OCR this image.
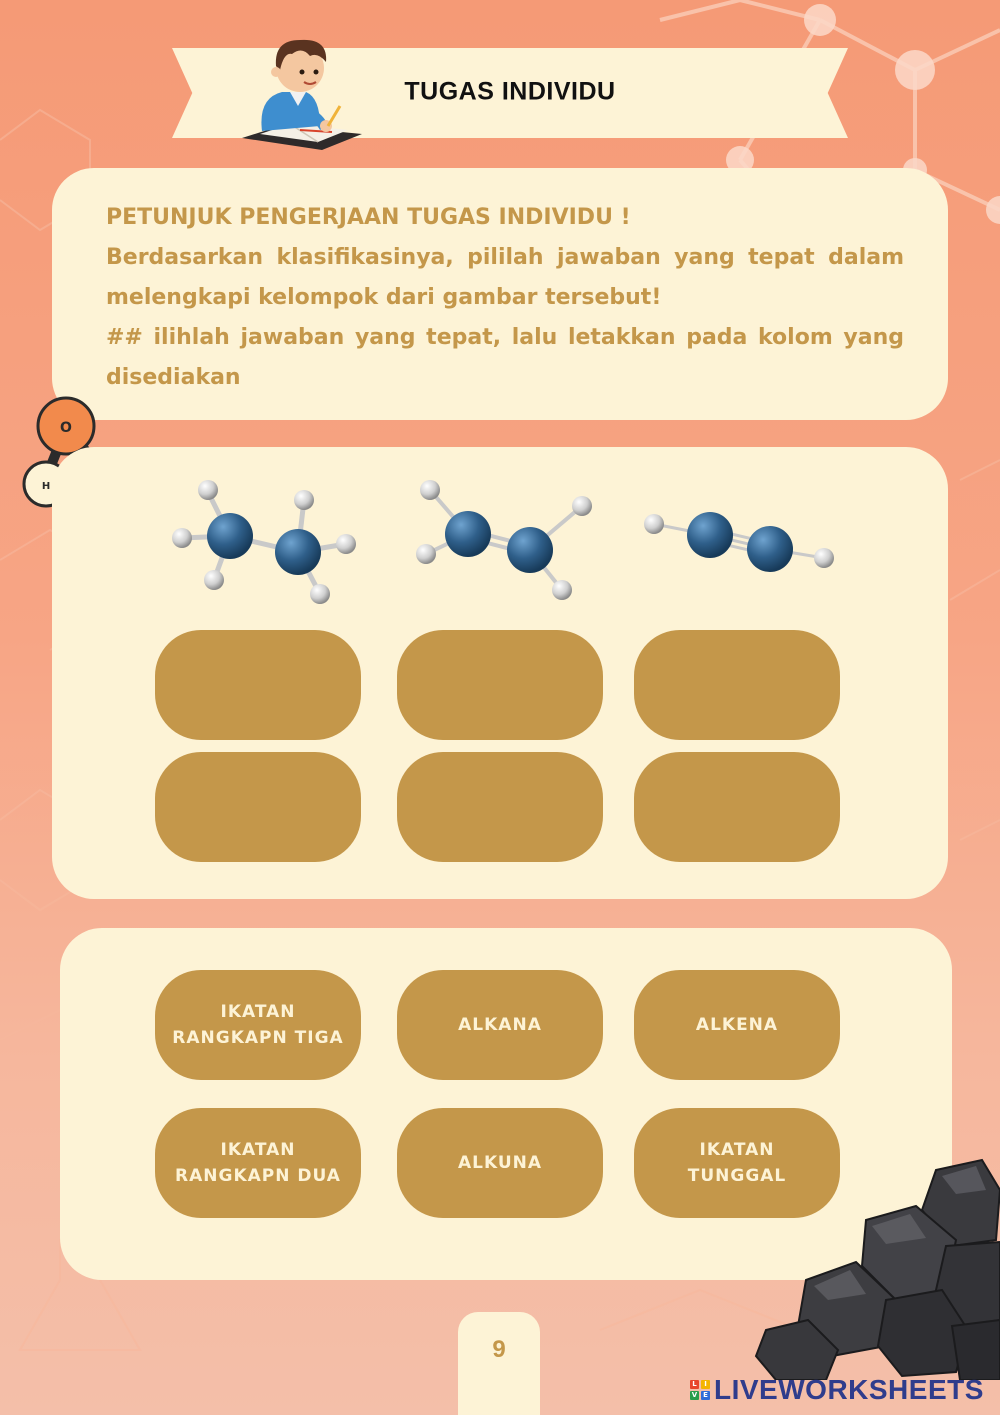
TUGAS INDIVIDU

PETUNJUK PENGERJAAN TUGAS INDIVIDU !

Berdasarkan klasifikasinya, pililah jawaban yang tepat dalam melengkapi kelompok dari gambar tersebut!

## ilihlah jawaban yang tepat, lalu letakkan pada kolom yang disediakan

O
H
IKATAN RANGKAPN TIGA
ALKANA	ALKENA
IKATAN RANGKAPN DUA
ALKUNA
IKATAN TUNGGAL
9
L	I
V E LIVEWORKSHEETS
